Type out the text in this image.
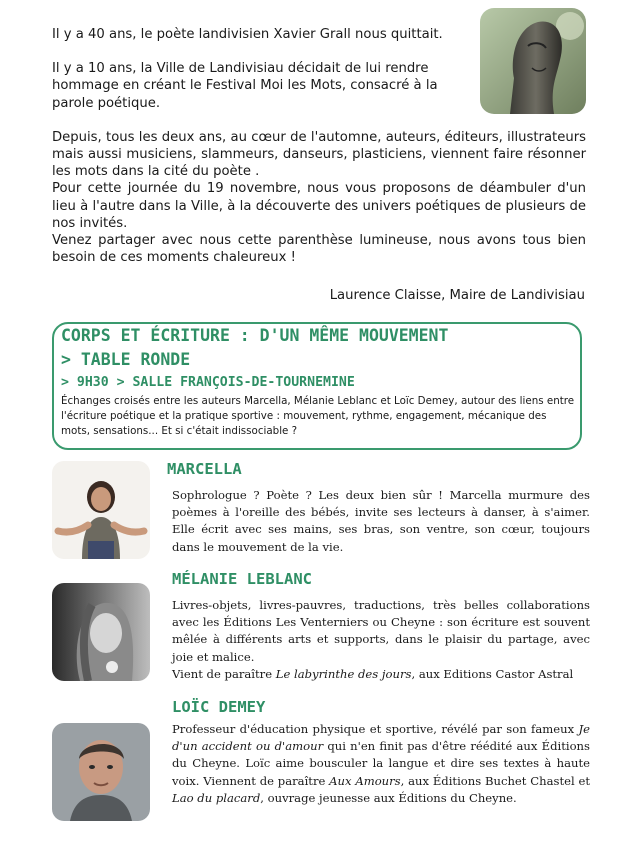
Il y a 40 ans, le poète landivisien Xavier Grall nous quittait.

Il y a 10 ans, la Ville de Landivisiau décidait de lui rendre hommage en créant le Festival Moi les Mots, consacré à la parole poétique.

Depuis, tous les deux ans, au cœur de l'automne, auteurs, éditeurs, illustrateurs mais aussi musiciens, slammeurs, danseurs, plasticiens, viennent faire résonner les mots dans la cité du poète .

Pour cette journée du 19 novembre, nous vous proposons de déambuler d'un lieu à l'autre dans la Ville, à la découverte des univers poétiques de plusieurs de nos invités.

Venez partager avec nous cette parenthèse lumineuse, nous avons tous bien besoin de ces moments chaleureux !

Laurence Claisse, Maire de Landivisiau
CORPS ET ÉCRITURE : D'UN MÊME MOUVEMENT
> TABLE RONDE
> 9H30 > SALLE FRANÇOIS-DE-TOURNEMINE
Échanges croisés entre les auteurs Marcella, Mélanie Leblanc et Loïc Demey, autour des liens entre l'écriture poétique et la pratique sportive : mouvement, rythme, engagement, mécanique des mots, sensations... Et si c'était indissociable ?
MARCELLA
Sophrologue ? Poète ? Les deux bien sûr ! Marcella murmure des poèmes à l'oreille des bébés, invite ses lecteurs à danser, à s'aimer. Elle écrit avec ses mains, ses bras, son ventre, son cœur, toujours dans le mouvement de la vie.
MÉLANIE LEBLANC
Livres-objets, livres-pauvres, traductions, très belles collaborations avec les Éditions Les Venterniers ou Cheyne : son écriture est souvent mêlée à différents arts et supports, dans le plaisir du partage, avec joie et malice.
Vient de paraître Le labyrinthe des jours, aux Editions Castor Astral
LOÏC DEMEY
Professeur d'éducation physique et sportive, révélé par son fameux Je d'un accident ou d'amour qui n'en finit pas d'être réédité aux Éditions du Cheyne. Loïc aime bousculer la langue et dire ses textes à haute voix. Viennent de paraître Aux Amours, aux Éditions Buchet Chastel et Lao du placard, ouvrage jeunesse aux Éditions du Cheyne.
